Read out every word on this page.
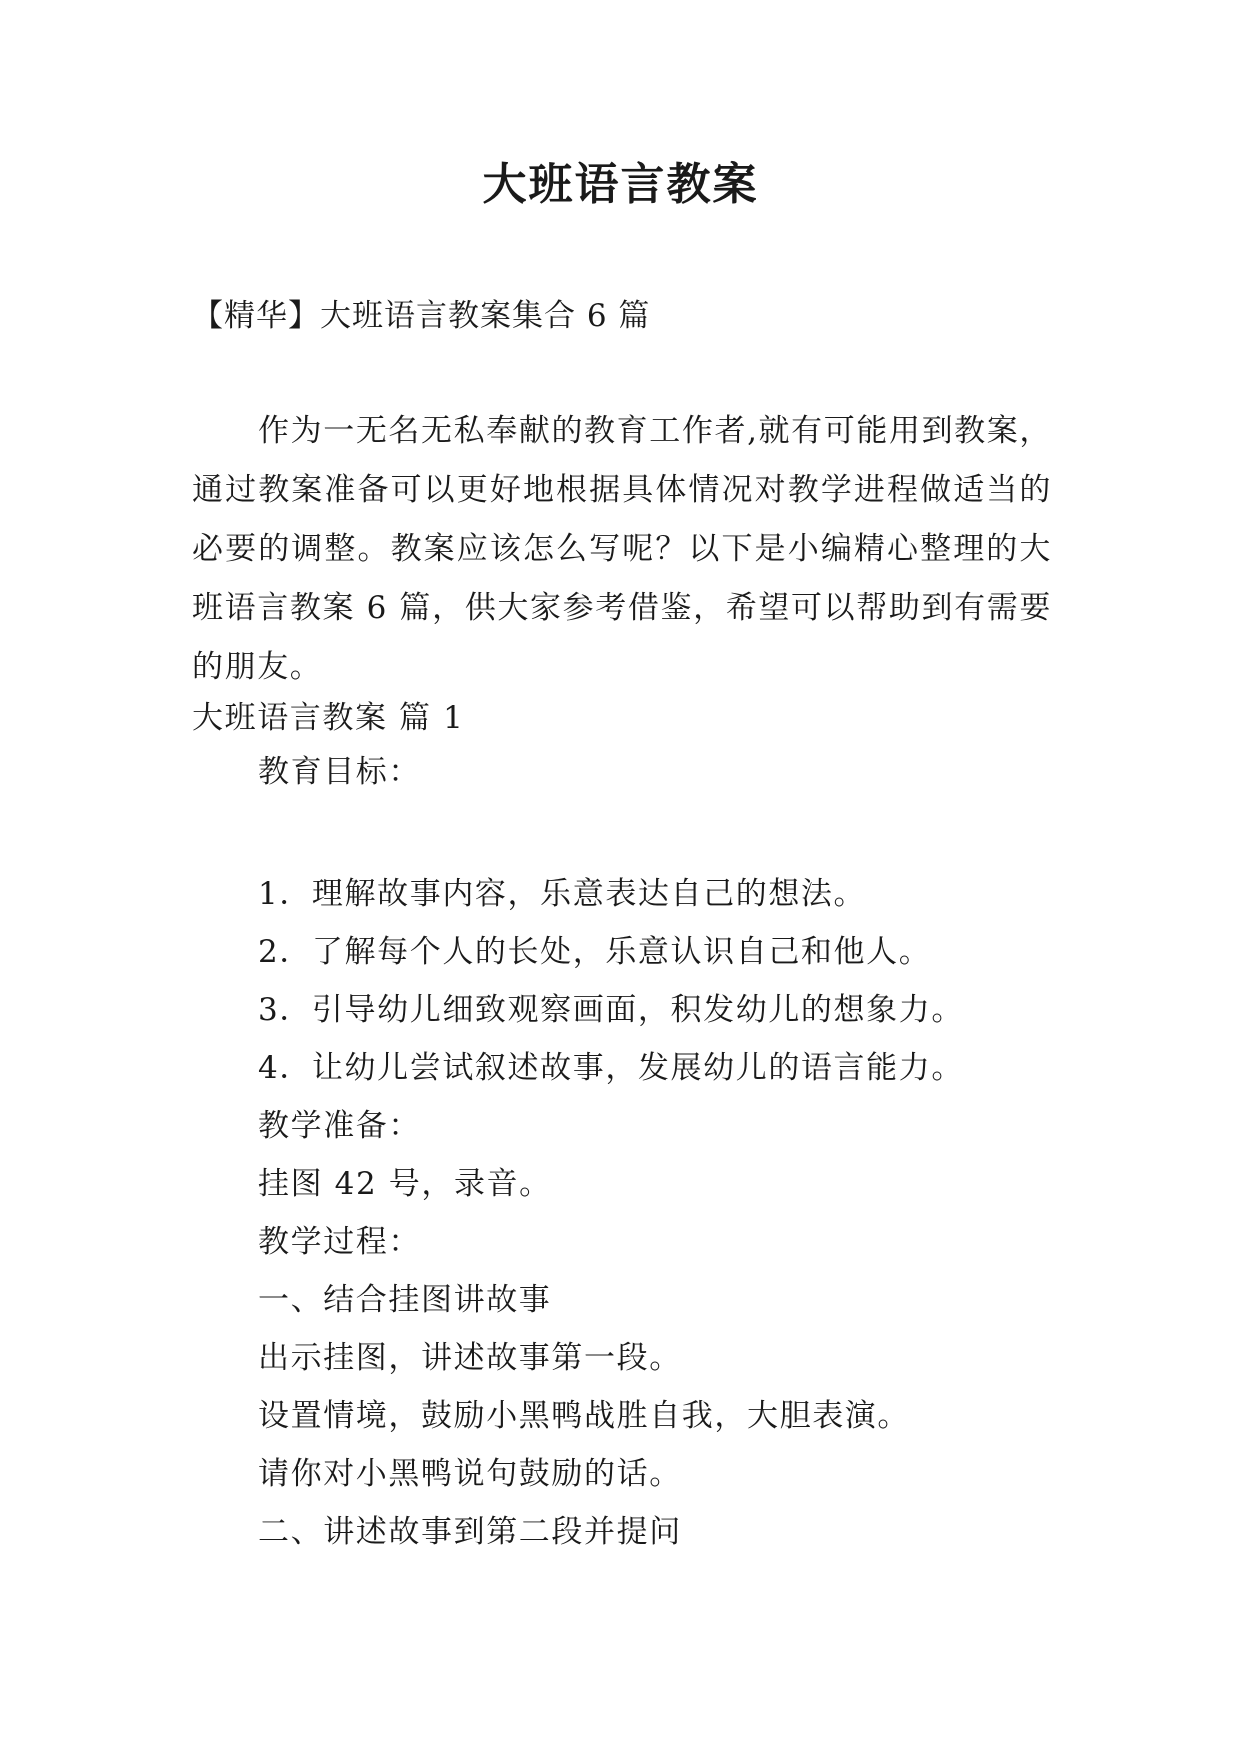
大班语言教案
【精华】大班语言教案集合 6 篇
作为一无名无私奉献的教育工作者,就有可能用到教案，通过教案准备可以更好地根据具体情况对教学进程做适当的必要的调整。教案应该怎么写呢？以下是小编精心整理的大班语言教案 6 篇，供大家参考借鉴，希望可以帮助到有需要的朋友。
大班语言教案 篇 1
教育目标：
1．理解故事内容，乐意表达自己的想法。
2．了解每个人的长处，乐意认识自己和他人。
3．引导幼儿细致观察画面，积发幼儿的想象力。
4．让幼儿尝试叙述故事，发展幼儿的语言能力。
教学准备：
挂图 42 号，录音。
教学过程：
一、结合挂图讲故事
出示挂图，讲述故事第一段。
设置情境，鼓励小黑鸭战胜自我，大胆表演。
请你对小黑鸭说句鼓励的话。
二、讲述故事到第二段并提问
